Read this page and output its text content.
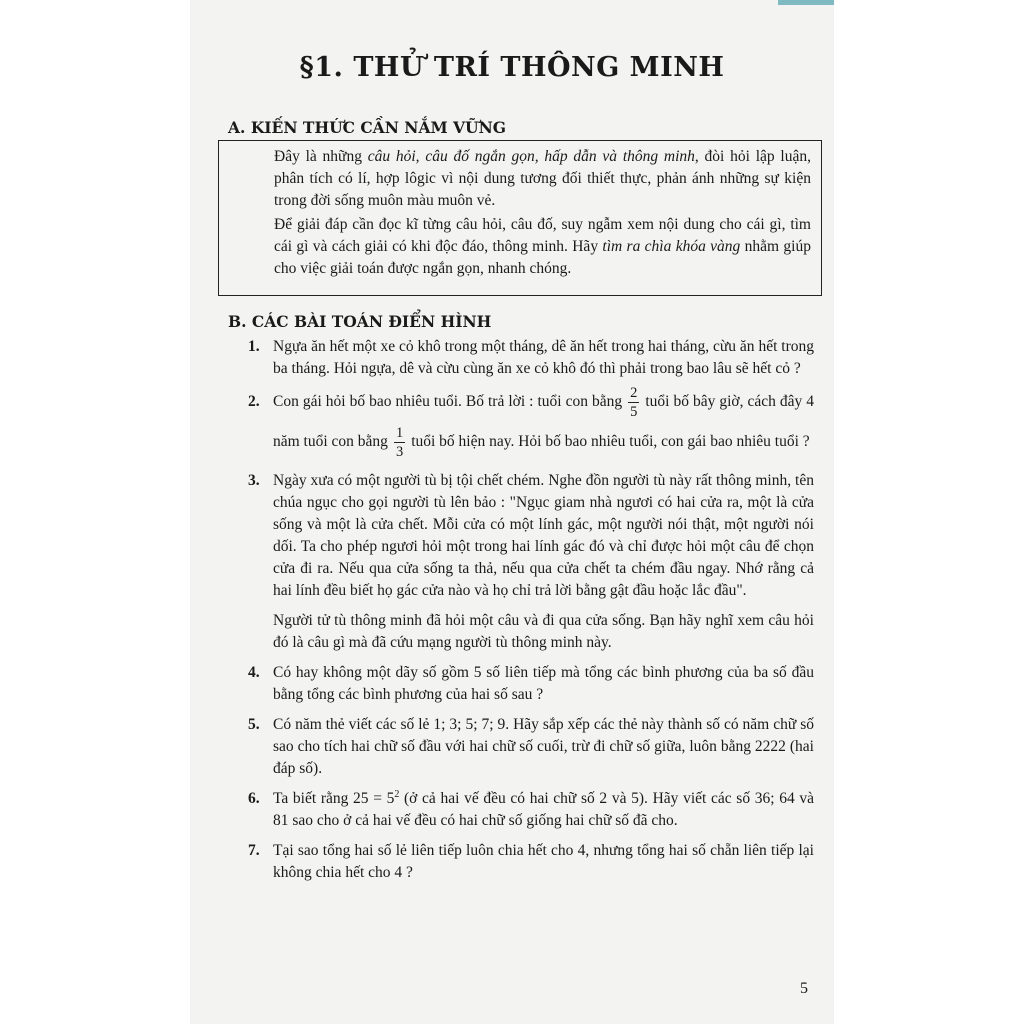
§1. THỬ TRÍ THÔNG MINH
A. KIẾN THỨC CẦN NẮM VỮNG

Đây là những câu hỏi, câu đố ngắn gọn, hấp dẫn và thông minh, đòi hỏi lập luận, phân tích có lí, hợp lôgic vì nội dung tương đối thiết thực, phản ánh những sự kiện trong đời sống muôn màu muôn vẻ.

Để giải đáp cần đọc kĩ từng câu hỏi, câu đố, suy ngẫm xem nội dung cho cái gì, tìm cái gì và cách giải có khi độc đáo, thông minh. Hãy tìm ra chìa khóa vàng nhằm giúp cho việc giải toán được ngắn gọn, nhanh chóng.

B. CÁC BÀI TOÁN ĐIỂN HÌNH
1. Ngựa ăn hết một xe cỏ khô trong một tháng, dê ăn hết trong hai tháng, cừu ăn hết trong ba tháng. Hỏi ngựa, dê và cừu cùng ăn xe cỏ khô đó thì phải trong bao lâu sẽ hết cỏ ?

2. Con gái hỏi bố bao nhiêu tuổi. Bố trả lời : tuổi con bằng $\frac{2}{5}$ tuổi bố bây giờ, cách đây 4 năm tuổi con bằng $\frac{1}{3}$ tuổi bố hiện nay. Hỏi bố bao nhiêu tuổi, con gái bao nhiêu tuổi ?

3. Ngày xưa có một người tù bị tội chết chém. Nghe đồn người tù này rất thông minh, tên chúa ngục cho gọi người tù lên bảo : "Ngục giam nhà ngươi có hai cửa ra, một là cửa sống và một là cửa chết. Mỗi cửa có một lính gác, một người nói thật, một người nói dối. Ta cho phép ngươi hỏi một trong hai lính gác đó và chỉ được hỏi một câu để chọn cửa đi ra. Nếu qua cửa sống ta thả, nếu qua cửa chết ta chém đầu ngay. Nhớ rằng cả hai lính đều biết họ gác cửa nào và họ chỉ trả lời bằng gật đầu hoặc lắc đầu".

Người tử tù thông minh đã hỏi một câu và đi qua cửa sống. Bạn hãy nghĩ xem câu hỏi đó là câu gì mà đã cứu mạng người tù thông minh này.

4. Có hay không một dãy số gồm 5 số liên tiếp mà tổng các bình phương của ba số đầu bằng tổng các bình phương của hai số sau ?

5. Có năm thẻ viết các số lẻ 1; 3; 5; 7; 9. Hãy sắp xếp các thẻ này thành số có năm chữ số sao cho tích hai chữ số đầu với hai chữ số cuối, trừ đi chữ số giữa, luôn bằng 2222 (hai đáp số).

6. Ta biết rằng $25 = 5^2$ (ở cả hai vế đều có hai chữ số 2 và 5). Hãy viết các số 36; 64 và 81 sao cho ở cả hai vế đều có hai chữ số giống hai chữ số đã cho.

7. Tại sao tổng hai số lẻ liên tiếp luôn chia hết cho 4, nhưng tổng hai số chẵn liên tiếp lại không chia hết cho 4 ?

5
